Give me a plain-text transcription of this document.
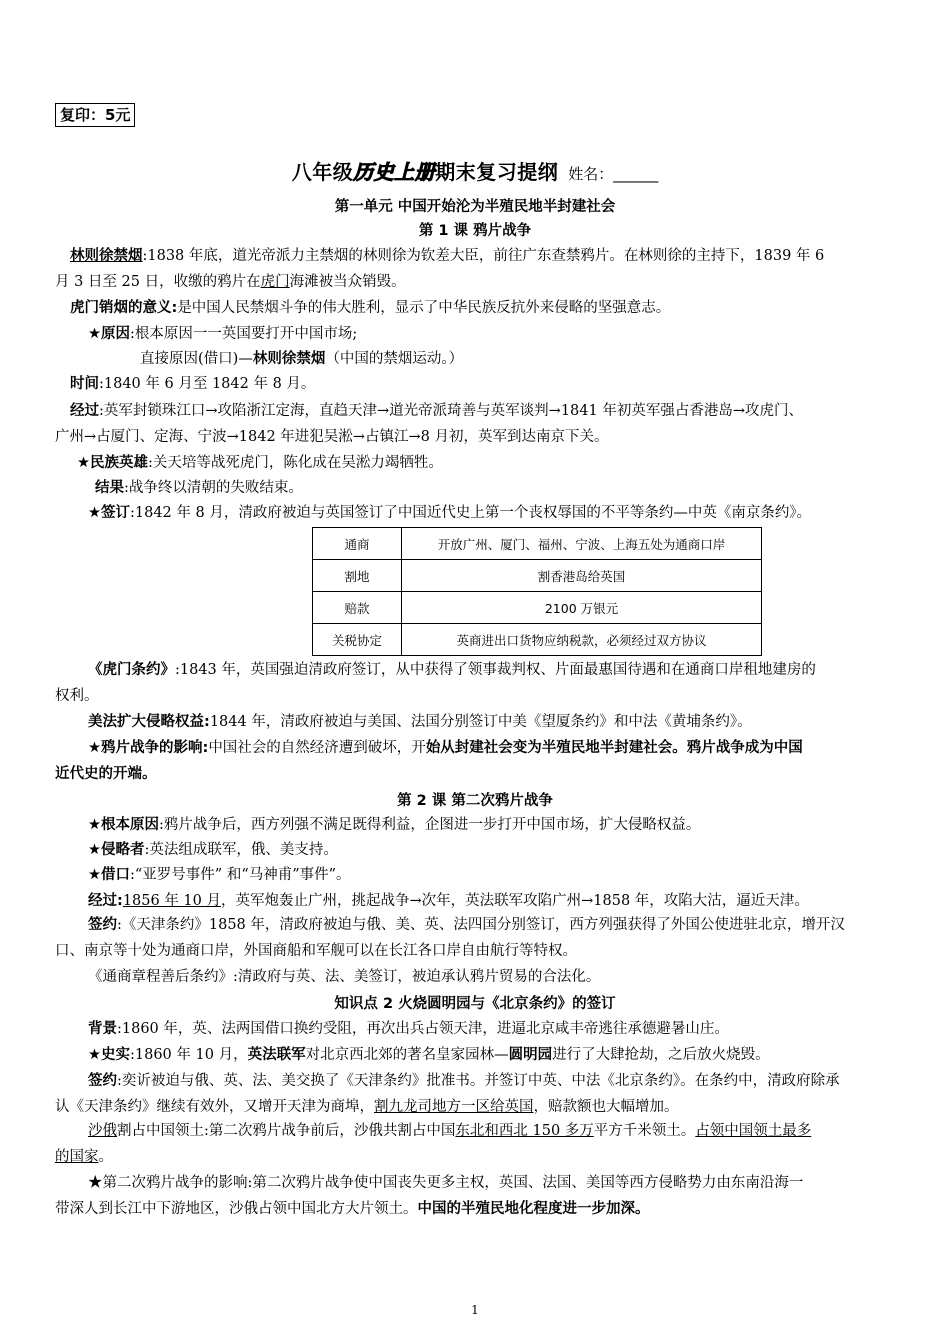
复印：5元
八年级历史上册期末复习提纲 姓名：______
第一单元 中国开始沦为半殖民地半封建社会
第 1 课 鸦片战争
林则徐禁烟:1838 年底，道光帝派力主禁烟的林则徐为钦差大臣，前往广东查禁鸦片。在林则徐的主持下，1839 年 6
月 3 日至 25 日，收缴的鸦片在虎门海滩被当众销毁。
虎门销烟的意义:是中国人民禁烟斗争的伟大胜利，显示了中华民族反抗外来侵略的坚强意志。
★原因:根本原因一一英国要打开中国市场;
直接原因(借口)—林则徐禁烟（中国的禁烟运动。）
时间:1840 年 6 月至 1842 年 8 月。
经过:英军封锁珠江口→攻陷浙江定海，直趋天津→道光帝派琦善与英军谈判→1841 年初英军强占香港岛→攻虎门、
广州→占厦门、定海、宁波→1842 年进犯吴淞→占镇江→8 月初，英军到达南京下关。
★民族英雄:关天培等战死虎门，陈化成在吴淞力竭牺牲。
结果:战争终以清朝的失败结束。
★签订:1842 年 8 月，清政府被迫与英国签订了中国近代史上第一个丧权辱国的不平等条约—中英《南京条约》。
通商	开放广州、厦门、福州、宁波、上海五处为通商口岸
割地	割香港岛给英国
赔款	2100 万银元
关税协定	英商进出口货物应纳税款，必须经过双方协议
《虎门条约》:1843 年，英国强迫清政府签订，从中获得了领事裁判权、片面最惠国待遇和在通商口岸租地建房的
权利。
美法扩大侵略权益:1844 年，清政府被迫与美国、法国分别签订中美《望厦条约》和中法《黄埔条约》。
★鸦片战争的影响:中国社会的自然经济遭到破坏，开始从封建社会变为半殖民地半封建社会。鸦片战争成为中国
近代史的开端。
第 2 课 第二次鸦片战争
★根本原因:鸦片战争后，西方列强不满足既得利益，企图进一步打开中国市场，扩大侵略权益。
★侵略者:英法组成联军，俄、美支持。
★借口:“亚罗号事件” 和“马神甫”事件”。
经过:1856 年 10 月，英军炮轰止广州，挑起战争→次年，英法联军攻陷广州→1858 年，攻陷大沽，逼近天津。
签约:《天津条约》1858 年，清政府被迫与俄、美、英、法四国分别签订，西方列强获得了外国公使进驻北京，增开汉
口、南京等十处为通商口岸，外国商船和军舰可以在长江各口岸自由航行等特权。
《通商章程善后条约》:清政府与英、法、美签订，被迫承认鸦片贸易的合法化。
知识点 2 火烧圆明园与《北京条约》的签订
背景:1860 年，英、法两国借口换约受阻，再次出兵占领天津，进逼北京咸丰帝逃往承德避暑山庄。
★史实:1860 年 10 月，英法联军对北京西北郊的著名皇家园林—圆明园进行了大肆抢劫，之后放火烧毁。
签约:奕䜣被迫与俄、英、法、美交换了《天津条约》批准书。并签订中英、中法《北京条约》。在条约中，清政府除承
认《天津条约》继续有效外，又增开天津为商埠，割九龙司地方一区给英国，赔款额也大幅增加。
沙俄割占中国领土:第二次鸦片战争前后，沙俄共割占中国东北和西北 150 多万平方千米领土。占领中国领土最多
的国家。
★第二次鸦片战争的影响:第二次鸦片战争使中国丧失更多主权，英国、法国、美国等西方侵略势力由东南沿海一
带深人到长江中下游地区，沙俄占领中国北方大片领土。中国的半殖民地化程度进一步加深。
1
